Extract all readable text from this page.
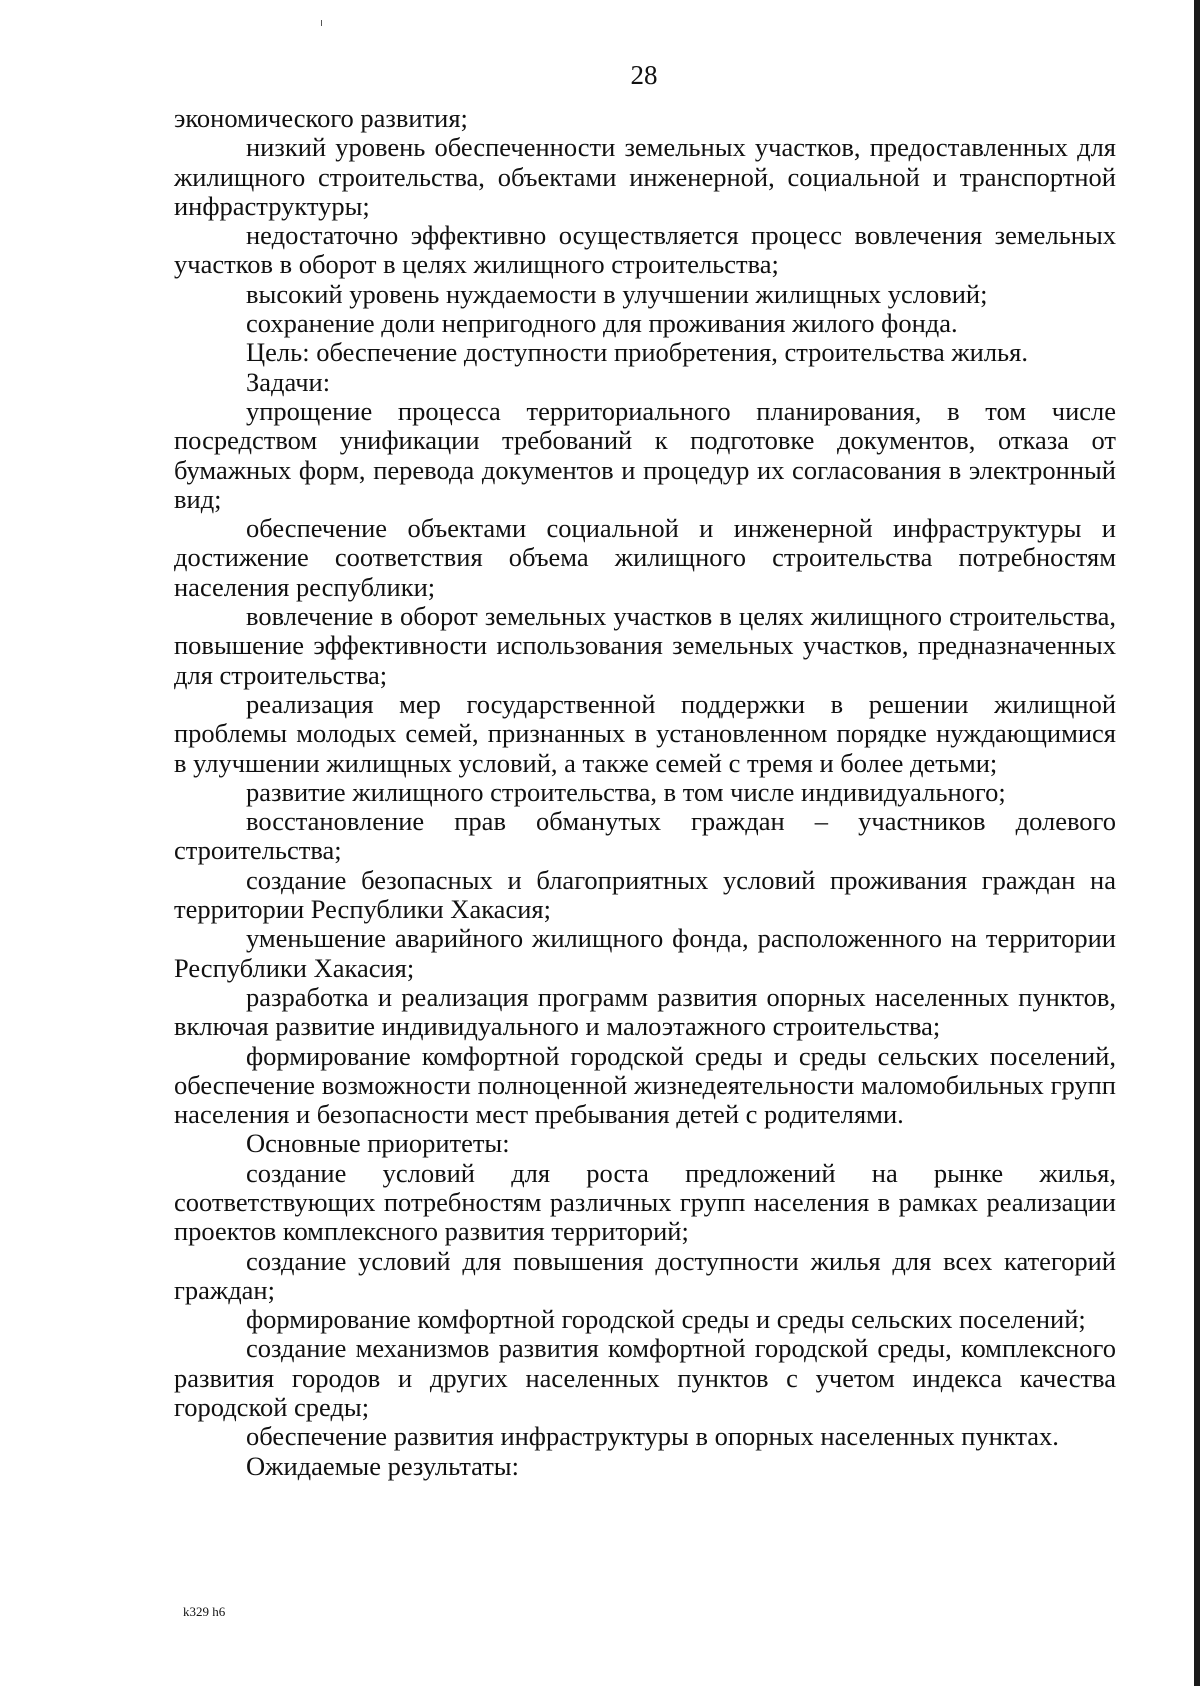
28

экономического развития;

низкий уровень обеспеченности земельных участков, предоставленных для жилищного строительства, объектами инженерной, социальной и транспортной инфраструктуры;

недостаточно эффективно осуществляется процесс вовлечения земельных участков в оборот в целях жилищного строительства;

высокий уровень нуждаемости в улучшении жилищных условий;

сохранение доли непригодного для проживания жилого фонда.

Цель: обеспечение доступности приобретения, строительства жилья.

Задачи:

упрощение процесса территориального планирования, в том числе посредством унификации требований к подготовке документов, отказа от бумажных форм, перевода документов и процедур их согласования в электронный вид;

обеспечение объектами социальной и инженерной инфраструктуры и достижение соответствия объема жилищного строительства потребностям населения республики;

вовлечение в оборот земельных участков в целях жилищного строительства, повышение эффективности использования земельных участков, предназначенных для строительства;

реализация мер государственной поддержки в решении жилищной проблемы молодых семей, признанных в установленном порядке нуждающимися в улучшении жилищных условий, а также семей с тремя и более детьми;

развитие жилищного строительства, в том числе индивидуального;

восстановление прав обманутых граждан – участников долевого строительства;

создание безопасных и благоприятных условий проживания граждан на территории Республики Хакасия;

уменьшение аварийного жилищного фонда, расположенного на территории Республики Хакасия;

разработка и реализация программ развития опорных населенных пунктов, включая развитие индивидуального и малоэтажного строительства;

формирование комфортной городской среды и среды сельских поселений, обеспечение возможности полноценной жизнедеятельности маломобильных групп населения и безопасности мест пребывания детей с родителями.

Основные приоритеты:

создание условий для роста предложений на рынке жилья, соответствующих потребностям различных групп населения в рамках реализации проектов комплексного развития территорий;

создание условий для повышения доступности жилья для всех категорий граждан;

формирование комфортной городской среды и среды сельских поселений;

создание механизмов развития комфортной городской среды, комплексного развития городов и других населенных пунктов с учетом индекса качества городской среды;

обеспечение развития инфраструктуры в опорных населенных пунктах.

Ожидаемые результаты:

k329 h6
